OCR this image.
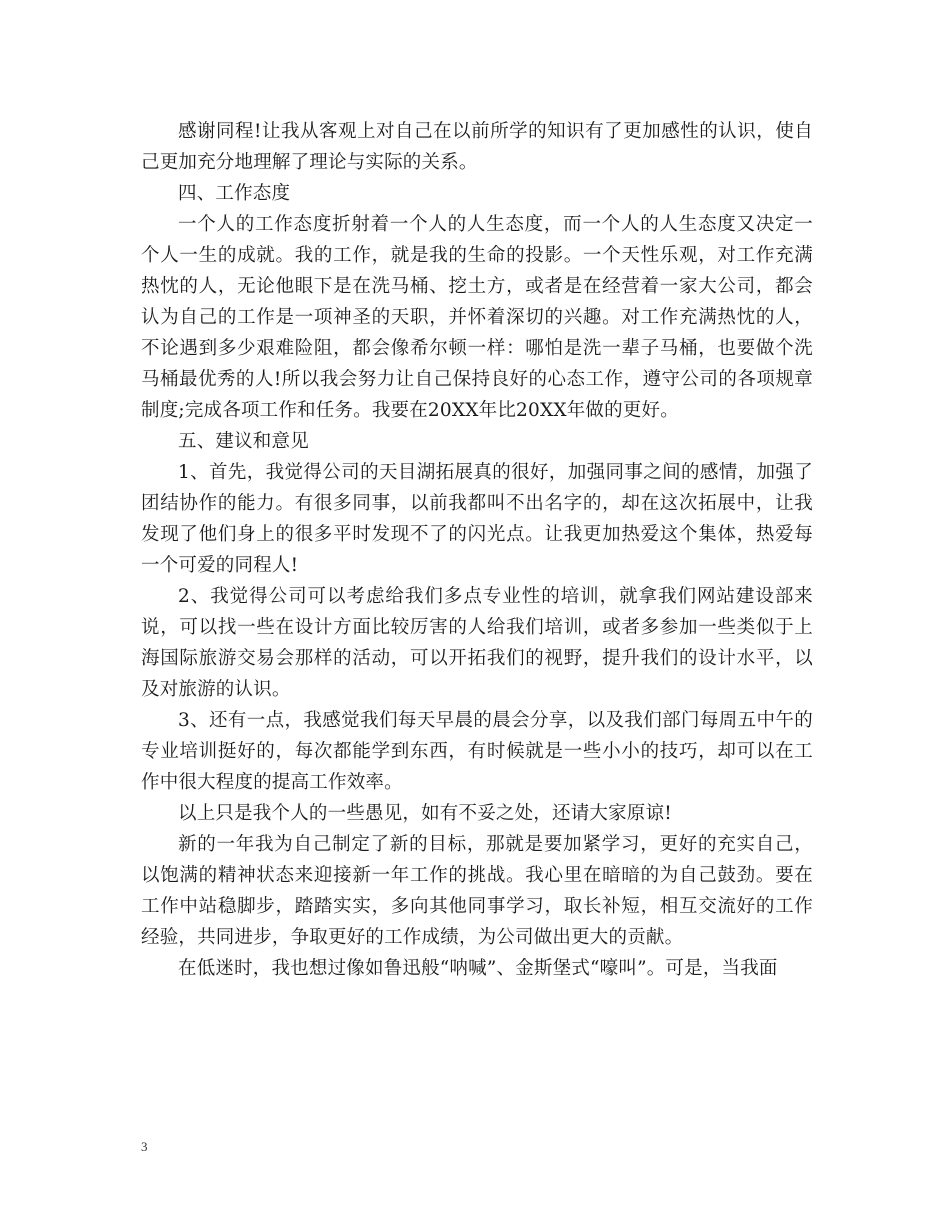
感谢同程!让我从客观上对自己在以前所学的知识有了更加感性的认识，使自己更加充分地理解了理论与实际的关系。

四、工作态度

一个人的工作态度折射着一个人的人生态度，而一个人的人生态度又决定一个人一生的成就。我的工作，就是我的生命的投影。一个天性乐观，对工作充满热忱的人，无论他眼下是在洗马桶、挖土方，或者是在经营着一家大公司，都会认为自己的工作是一项神圣的天职，并怀着深切的兴趣。对工作充满热忱的人，不论遇到多少艰难险阻，都会像希尔顿一样：哪怕是洗一辈子马桶，也要做个洗马桶最优秀的人!所以我会努力让自己保持良好的心态工作，遵守公司的各项规章制度;完成各项工作和任务。我要在20XX年比20XX年做的更好。

五、建议和意见

1、首先，我觉得公司的天目湖拓展真的很好，加强同事之间的感情，加强了团结协作的能力。有很多同事，以前我都叫不出名字的，却在这次拓展中，让我发现了他们身上的很多平时发现不了的闪光点。让我更加热爱这个集体，热爱每一个可爱的同程人!

2、我觉得公司可以考虑给我们多点专业性的培训，就拿我们网站建设部来说，可以找一些在设计方面比较厉害的人给我们培训，或者多参加一些类似于上海国际旅游交易会那样的活动，可以开拓我们的视野，提升我们的设计水平，以及对旅游的认识。

3、还有一点，我感觉我们每天早晨的晨会分享，以及我们部门每周五中午的专业培训挺好的，每次都能学到东西，有时候就是一些小小的技巧，却可以在工作中很大程度的提高工作效率。

以上只是我个人的一些愚见，如有不妥之处，还请大家原谅!

新的一年我为自己制定了新的目标，那就是要加紧学习，更好的充实自己，以饱满的精神状态来迎接新一年工作的挑战。我心里在暗暗的为自己鼓劲。要在工作中站稳脚步，踏踏实实，多向其他同事学习，取长补短，相互交流好的工作经验，共同进步，争取更好的工作成绩，为公司做出更大的贡献。

在低迷时，我也想过像如鲁迅般“呐喊”、金斯堡式“嚎叫”。可是，当我面

3
